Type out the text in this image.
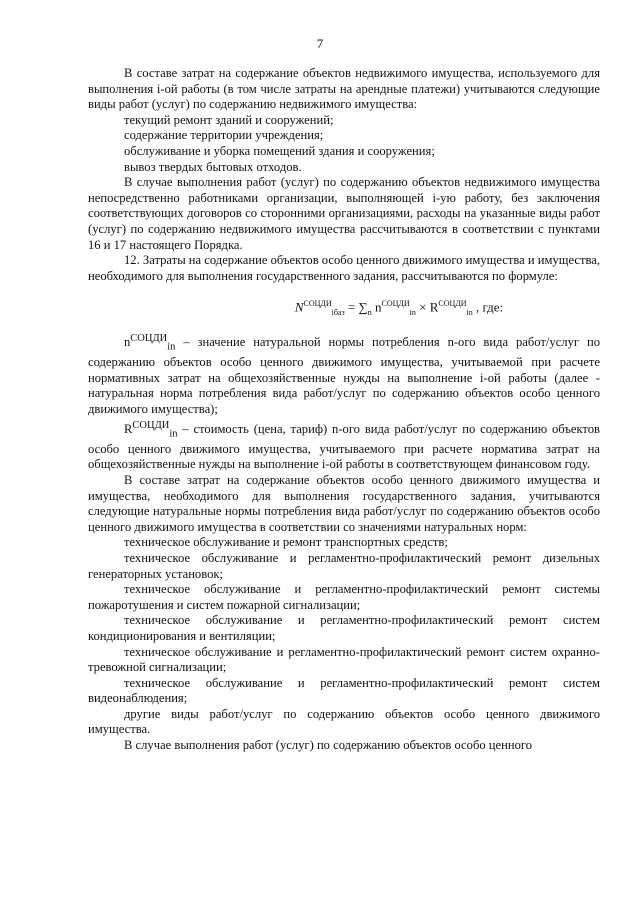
7

В составе затрат на содержание объектов недвижимого имущества, используемого для выполнения i-ой работы (в том числе затраты на арендные платежи) учитываются следующие виды работ (услуг) по содержанию недвижимого имущества:

текущий ремонт зданий и сооружений;

содержание территории учреждения;

обслуживание и уборка помещений здания и сооружения;

вывоз твердых бытовых отходов.

В случае выполнения работ (услуг) по содержанию объектов недвижимого имущества непосредственно работниками организации, выполняющей i-ую работу, без заключения соответствующих договоров со сторонними организациями, расходы на указанные виды работ (услуг) по содержанию недвижимого имущества рассчитываются в соответствии с пунктами 16 и 17 настоящего Порядка.

12. Затраты на содержание объектов особо ценного движимого имущества и имущества, необходимого для выполнения государственного задания, рассчитываются по формуле:

$N^{СОЦДИ}_{iбаз} = \sum_n$ $n^{СОЦДИ}_{in} \times R^{СОЦДИ}_{in}$ , где:

$n^{СОЦДИ}_{in}$ – значение натуральной нормы потребления n-ого вида работ/услуг по содержанию объектов особо ценного движимого имущества, учитываемой при расчете нормативных затрат на общехозяйственные нужды на выполнение i-ой работы (далее - натуральная норма потребления вида работ/услуг по содержанию объектов особо ценного движимого имущества);

$R^{СОЦДИ}_{in}$ – стоимость (цена, тариф) n-ого вида работ/услуг по содержанию объектов особо ценного движимого имущества, учитываемого при расчете норматива затрат на общехозяйственные нужды на выполнение i-ой работы в соответствующем финансовом году.

В составе затрат на содержание объектов особо ценного движимого имущества и имущества, необходимого для выполнения государственного задания, учитываются следующие натуральные нормы потребления вида работ/услуг по содержанию объектов особо ценного движимого имущества в соответствии со значениями натуральных норм:

техническое обслуживание и ремонт транспортных средств;

техническое обслуживание и регламентно-профилактический ремонт дизельных генераторных установок;

техническое обслуживание и регламентно-профилактический ремонт системы пожаротушения и систем пожарной сигнализации;

техническое обслуживание и регламентно-профилактический ремонт систем кондиционирования и вентиляции;

техническое обслуживание и регламентно-профилактический ремонт систем охранно-тревожной сигнализации;

техническое обслуживание и регламентно-профилактический ремонт систем видеонаблюдения;

другие виды работ/услуг по содержанию объектов особо ценного движимого имущества.

В случае выполнения работ (услуг) по содержанию объектов особо ценного
